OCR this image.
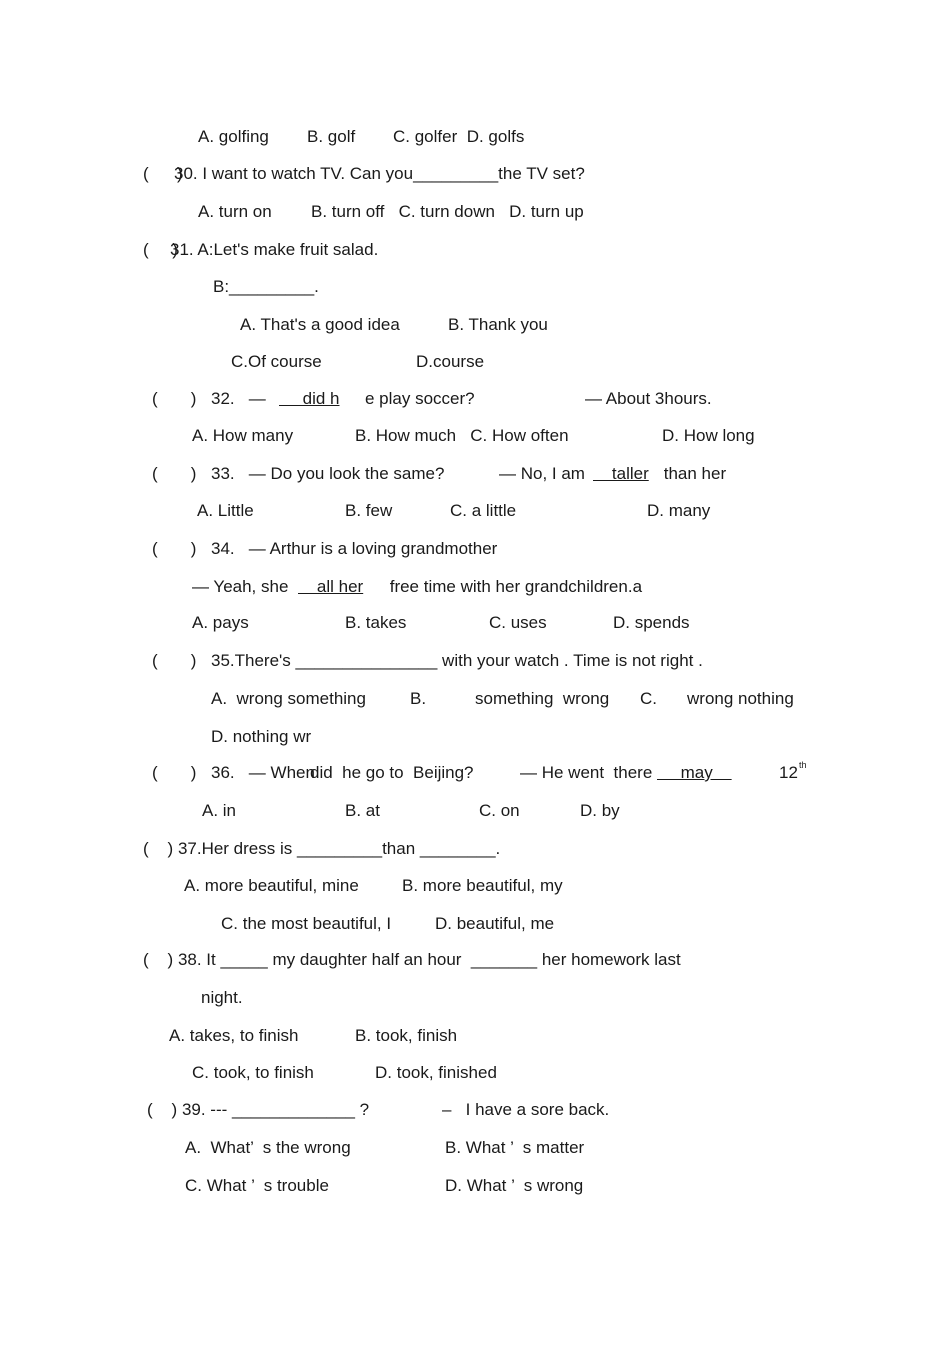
A. golfing B. golf C. golfer  D. golfs
(      )
30. I want to watch TV. Can you_________the TV set?
A. turn on B. turn off   C. turn down   D. turn up
(     )
31. A:Let's make fruit salad.
B:_________.
A. That's a good idea	B. Thank you
C.Of course	D.course
(       ) 32.   — did h e play soccer?	— About 3hours.
A. How many	B. How much   C. How often	D. How long
(       ) 33.   — Do you look the same?	— No, I am taller than her
A. Little	B. few	C. a little	D. many
(       ) 34.   — Arthur is a loving grandmother
— Yeah, she all her free time with her grandchildren.a
A. pays	B. takes	C. uses	D. spends
(       ) 35.There's _______________ with your watch . Time is not right .
A.  wrong something	B.	something  wrong C. wrong nothing
D. nothing wr
(       ) 36.   — When
did  he go to  Beijing?	— He went  there may	12 th
A. in	B. at	C. on	D. by
(    ) 37.Her dress is _________than ________.
A. more beautiful, mine	B. more beautiful, my
C. the most beautiful, I	D. beautiful, me
(    ) 38. It _____ my daughter half an hour  _______ her homework last
night.
A. takes, to finish	B. took, finish
C. took, to finish	D. took, finished
(    ) 39. --- _____________ ?	–   I have a sore back.
A.  What’  s the wrong	B. What ’  s matter
C. What ’  s trouble	D. What ’  s wrong
